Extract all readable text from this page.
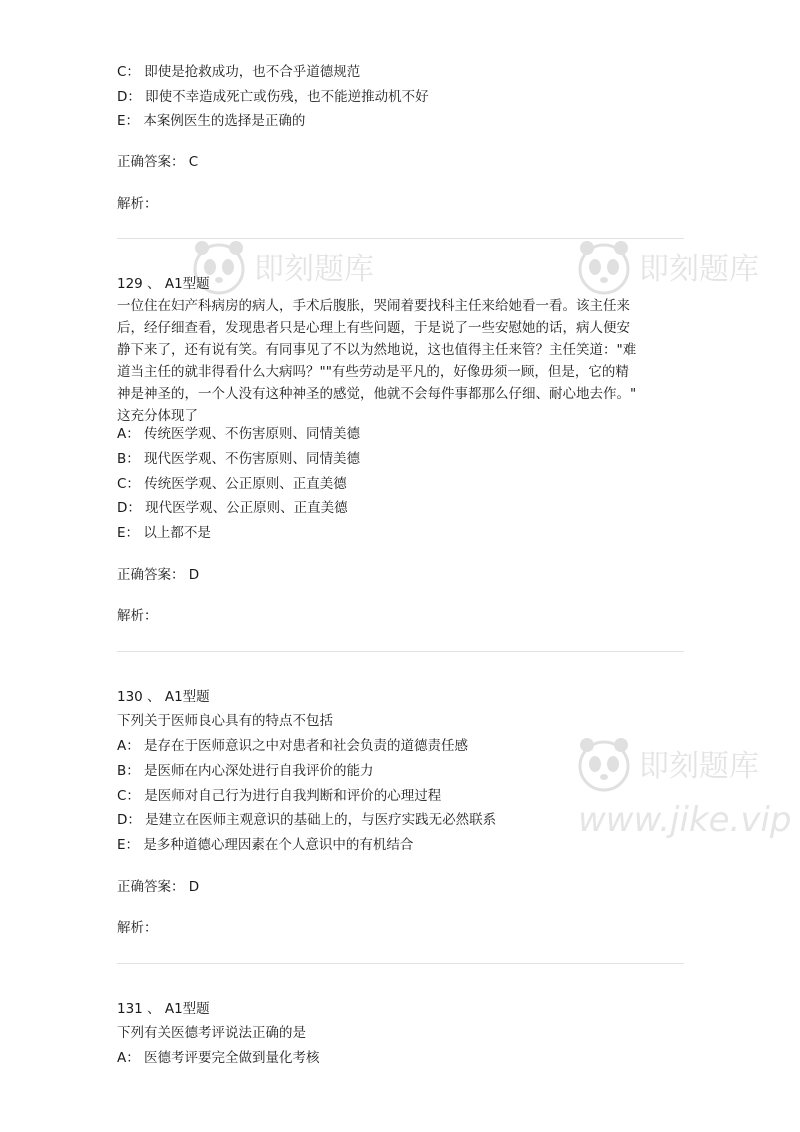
即刻题库	即刻题库
即刻题库
www.jike.vip
C： 即使是抢救成功，也不合乎道德规范
D： 即使不幸造成死亡或伤残，也不能逆推动机不好
E： 本案例医生的选择是正确的
正确答案： C
解析：
129 、 A1型题
一位住在妇产科病房的病人，手术后腹胀，哭闹着要找科主任来给她看一看。该主任来
后，经仔细查看，发现患者只是心理上有些问题，于是说了一些安慰她的话，病人便安
静下来了，还有说有笑。有同事见了不以为然地说，这也值得主任来管？主任笑道："难
道当主任的就非得看什么大病吗？""有些劳动是平凡的，好像毋须一顾，但是，它的精
神是神圣的，一个人没有这种神圣的感觉，他就不会每件事都那么仔细、耐心地去作。"
这充分体现了
A： 传统医学观、不伤害原则、同情美德
B： 现代医学观、不伤害原则、同情美德
C： 传统医学观、公正原则、正直美德
D： 现代医学观、公正原则、正直美德
E： 以上都不是
正确答案： D
解析：
130 、 A1型题
下列关于医师良心具有的特点不包括
A： 是存在于医师意识之中对患者和社会负责的道德责任感
B： 是医师在内心深处进行自我评价的能力
C： 是医师对自己行为进行自我判断和评价的心理过程
D： 是建立在医师主观意识的基础上的，与医疗实践无必然联系
E： 是多种道德心理因素在个人意识中的有机结合
正确答案： D
解析：
131 、 A1型题
下列有关医德考评说法正确的是
A： 医德考评要完全做到量化考核
